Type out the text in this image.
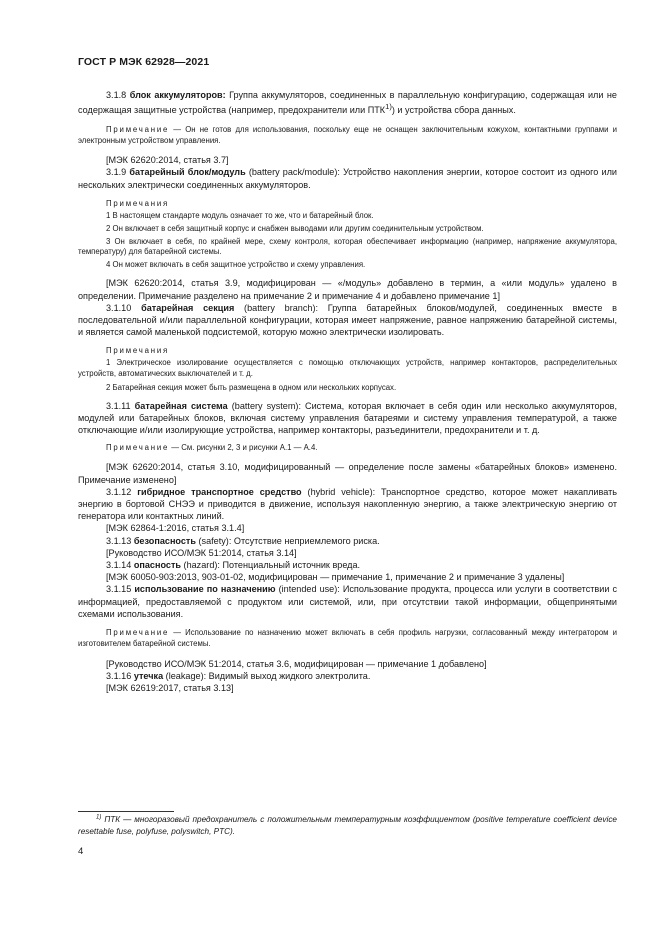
ГОСТ Р МЭК 62928—2021
3.1.8 блок аккумуляторов: Группа аккумуляторов, соединенных в параллельную конфигурацию, содержащая или не содержащая защитные устройства (например, предохранители или ПТК$^{1)}$) и устройства сбора данных.
Примечание — Он не готов для использования, поскольку еще не оснащен заключительным кожухом, контактными группами и электронным устройством управления.
[МЭК 62620:2014, статья 3.7]
3.1.9 батарейный блок/модуль (battery pack/module): Устройство накопления энергии, которое состоит из одного или нескольких электрически соединенных аккумуляторов.
Примечания
1 В настоящем стандарте модуль означает то же, что и батарейный блок.
2 Он включает в себя защитный корпус и снабжен выводами или другим соединительным устройством.
3 Он включает в себя, по крайней мере, схему контроля, которая обеспечивает информацию (например, напряжение аккумулятора, температуру) для батарейной системы.
4 Он может включать в себя защитное устройство и схему управления.
[МЭК 62620:2014, статья 3.9, модифицирован — «/модуль» добавлено в термин, а «или модуль» удалено в определении. Примечание разделено на примечание 2 и примечание 4 и добавлено примечание 1]
3.1.10 батарейная секция (battery branch): Группа батарейных блоков/модулей, соединенных вместе в последовательной и/или параллельной конфигурации, которая имеет напряжение, равное напряжению батарейной системы, и является самой маленькой подсистемой, которую можно электрически изолировать.
Примечания
1 Электрическое изолирование осуществляется с помощью отключающих устройств, например контакторов, распределительных устройств, автоматических выключателей и т. д.
2 Батарейная секция может быть размещена в одном или нескольких корпусах.
3.1.11 батарейная система (battery system): Система, которая включает в себя один или несколько аккумуляторов, модулей или батарейных блоков, включая систему управления батареями и систему управления температурой, а также отключающие и/или изолирующие устройства, например контакторы, разъединители, предохранители и т. д.
Примечание — См. рисунки 2, 3 и рисунки А.1 — А.4.
[МЭК 62620:2014, статья 3.10, модифицированный — определение после замены «батарейных блоков» изменено. Примечание изменено]
3.1.12 гибридное транспортное средство (hybrid vehicle): Транспортное средство, которое может накапливать энергию в бортовой СНЭЭ и приводится в движение, используя накопленную энергию, а также электрическую энергию от генератора или контактных линий.
[МЭК 62864-1:2016, статья 3.1.4]
3.1.13 безопасность (safety): Отсутствие неприемлемого риска.
[Руководство ИСО/МЭК 51:2014, статья 3.14]
3.1.14 опасность (hazard): Потенциальный источник вреда.
[МЭК 60050-903:2013, 903-01-02, модифицирован — примечание 1, примечание 2 и примечание 3 удалены]
3.1.15 использование по назначению (intended use): Использование продукта, процесса или услуги в соответствии с информацией, предоставляемой с продуктом или системой, или, при отсутствии такой информации, общепринятыми схемами использования.
Примечание — Использование по назначению может включать в себя профиль нагрузки, согласованный между интегратором и изготовителем батарейной системы.
[Руководство ИСО/МЭК 51:2014, статья 3.6, модифицирован — примечание 1 добавлено]
3.1.16 утечка (leakage): Видимый выход жидкого электролита.
[МЭК 62619:2017, статья 3.13]
$^{1)}$ ПТК — многоразовый предохранитель с положительным температурным коэффициентом (positive temperature coefficient device resettable fuse, polyfuse, polyswitch, PTC).
4
